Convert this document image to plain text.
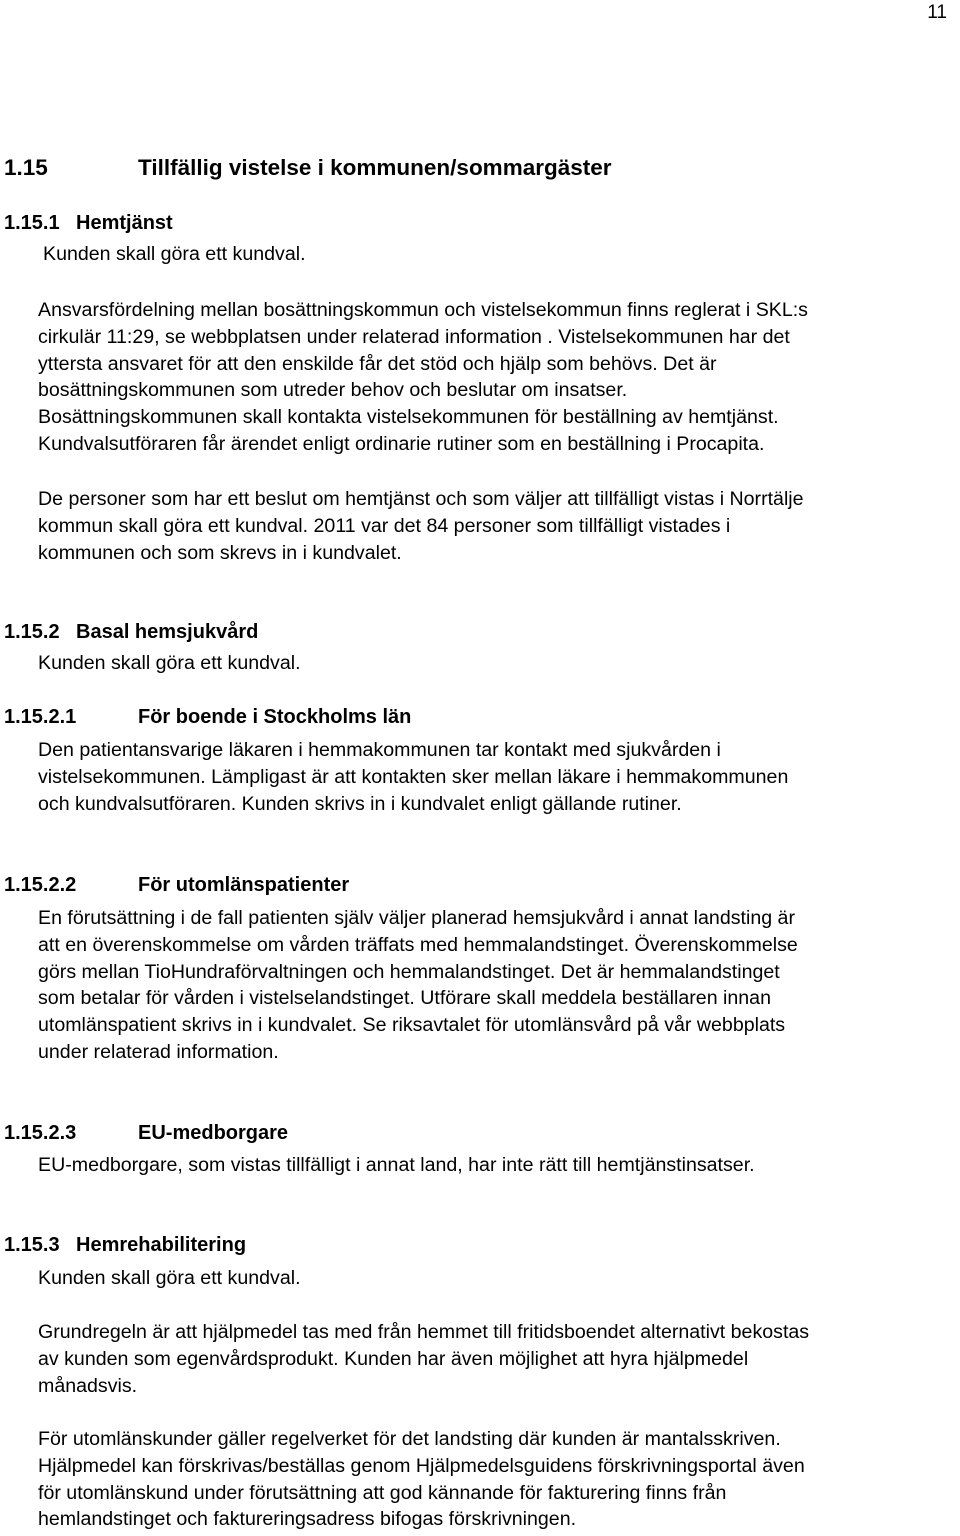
11
1.15	Tillfällig vistelse i kommunen/sommargäster
1.15.1 Hemtjänst
Kunden skall göra ett kundval.
Ansvarsfördelning mellan bosättningskommun och vistelsekommun finns reglerat i SKL:s
cirkulär 11:29, se webbplatsen under relaterad information . Vistelsekommunen har det
yttersta ansvaret för att den enskilde får det stöd och hjälp som behövs. Det är
bosättningskommunen som utreder behov och beslutar om insatser.
Bosättningskommunen skall kontakta vistelsekommunen för beställning av hemtjänst.
Kundvalsutföraren får ärendet enligt ordinarie rutiner som en beställning i Procapita.
De personer som har ett beslut om hemtjänst och som väljer att tillfälligt vistas i Norrtälje
kommun skall göra ett kundval. 2011 var det 84 personer som tillfälligt vistades i
kommunen och som skrevs in i kundvalet.
1.15.2 Basal hemsjukvård
Kunden skall göra ett kundval.
1.15.2.1	För boende i Stockholms län
Den patientansvarige läkaren i hemmakommunen tar kontakt med sjukvården i
vistelsekommunen. Lämpligast är att kontakten sker mellan läkare i hemmakommunen
och kundvalsutföraren. Kunden skrivs in i kundvalet enligt gällande rutiner.
1.15.2.2	För utomlänspatienter
En förutsättning i de fall patienten själv väljer planerad hemsjukvård i annat landsting är
att en överenskommelse om vården träffats med hemmalandstinget. Överenskommelse
görs mellan TioHundraförvaltningen och hemmalandstinget. Det är hemmalandstinget
som betalar för vården i vistelselandstinget. Utförare skall meddela beställaren innan
utomlänspatient skrivs in i kundvalet. Se riksavtalet för utomlänsvård på vår webbplats
under relaterad information.
1.15.2.3	EU-medborgare
EU-medborgare, som vistas tillfälligt i annat land, har inte rätt till hemtjänstinsatser.
1.15.3 Hemrehabilitering
Kunden skall göra ett kundval.
Grundregeln är att hjälpmedel tas med från hemmet till fritidsboendet alternativt bekostas
av kunden som egenvårdsprodukt. Kunden har även möjlighet att hyra hjälpmedel
månadsvis.
För utomlänskunder gäller regelverket för det landsting där kunden är mantalsskriven.
Hjälpmedel kan förskrivas/beställas genom Hjälpmedelsguidens förskrivningsportal även
för utomlänskund under förutsättning att god kännande för fakturering finns från
hemlandstinget och faktureringsadress bifogas förskrivningen.
